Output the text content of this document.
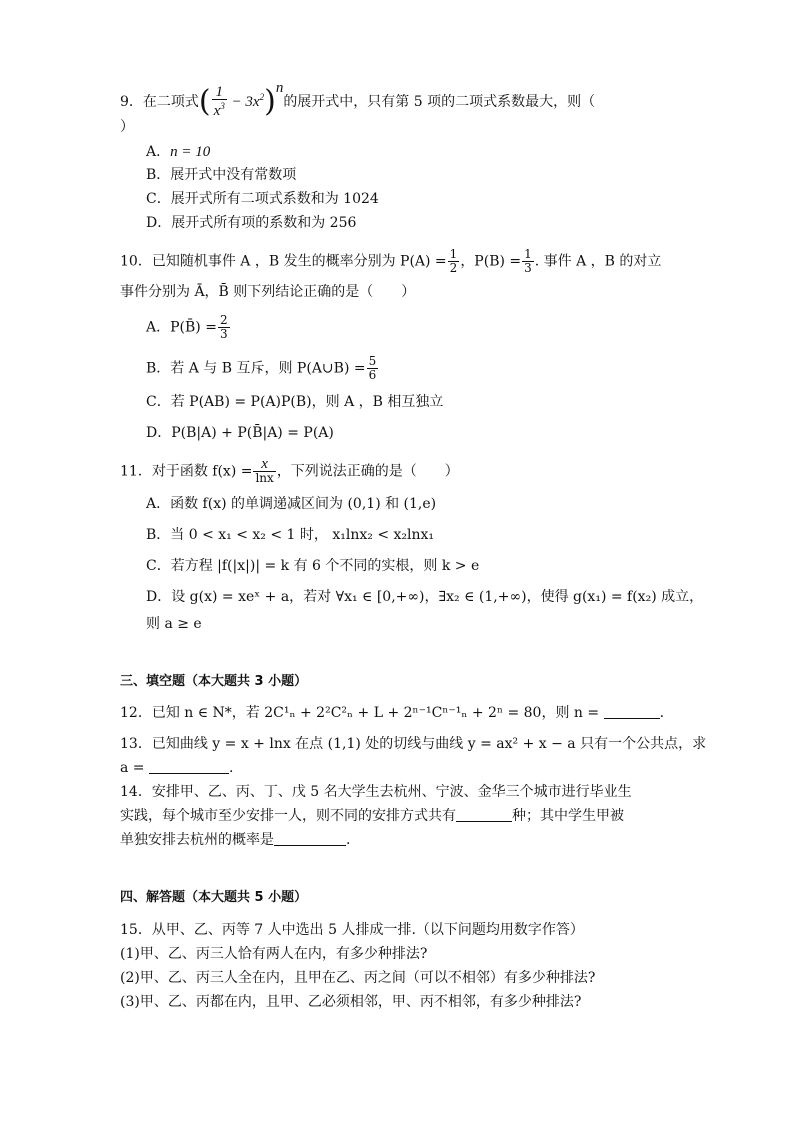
9．在二项式( $\frac{1}{x^3} - 3x^2)^n$的展开式中，只有第 5 项的二项式系数最大，则（
）
A．n = 10
B．展开式中没有常数项
C．展开式所有二项式系数和为 1024
D．展开式所有项的系数和为 256
10．已知随机事件 A ，B 发生的概率分别为 $P(A) = \frac{1}{2}$ ，$P(B) = \frac{1}{3}$ . 事件 A ，B 的对立
事件分别为 Ā，B̄ 则下列结论正确的是（　　）
A．P(B̄) = $\frac{2}{3}$
B．若 A 与 B 互斥，则 P(A∪B) = $\frac{5}{6}$
C．若 P(AB) = P(A)P(B)，则 A ，B 相互独立
D．P(B|A) + P(B̄|A) = P(A)
11．对于函数 $f(x) = \frac{x}{\ln x}$ ，下列说法正确的是（　　）
A．函数 f(x) 的单调递减区间为 (0,1) 和 (1,e)
B．当 0 < x₁ < x₂ < 1 时， x₁lnx₂ < x₂lnx₁
C．若方程 |f(|x|)| = k 有 6 个不同的实根，则 k > e
D．设 g(x) = xeˣ + a，若对 ∀x₁ ∈ [0,+∞)，∃x₂ ∈ (1,+∞)，使得 g(x₁) = f(x₂) 成立，
则 a ≥ e
三、填空题（本大题共 3 小题）
12．已知 n ∈ N*，若 2C¹ₙ + 2²C²ₙ + L + 2ⁿ⁻¹Cⁿ⁻¹ₙ + 2ⁿ = 80，则 n =	.
13．已知曲线 y = x + lnx 在点 (1,1) 处的切线与曲线 y = ax² + x − a 只有一个公共点，求
a =	.
14．安排甲、乙、丙、丁、戊 5 名大学生去杭州、宁波、金华三个城市进行毕业生
实践，每个城市至少安排一人，则不同的安排方式共有	种；其中学生甲被
单独安排去杭州的概率是	.
四、解答题（本大题共 5 小题）
15．从甲、乙、丙等 7 人中选出 5 人排成一排.（以下问题均用数字作答）
(1)甲、乙、丙三人恰有两人在内，有多少种排法?
(2)甲、乙、丙三人全在内，且甲在乙、丙之间（可以不相邻）有多少种排法?
(3)甲、乙、丙都在内，且甲、乙必须相邻，甲、丙不相邻，有多少种排法?
